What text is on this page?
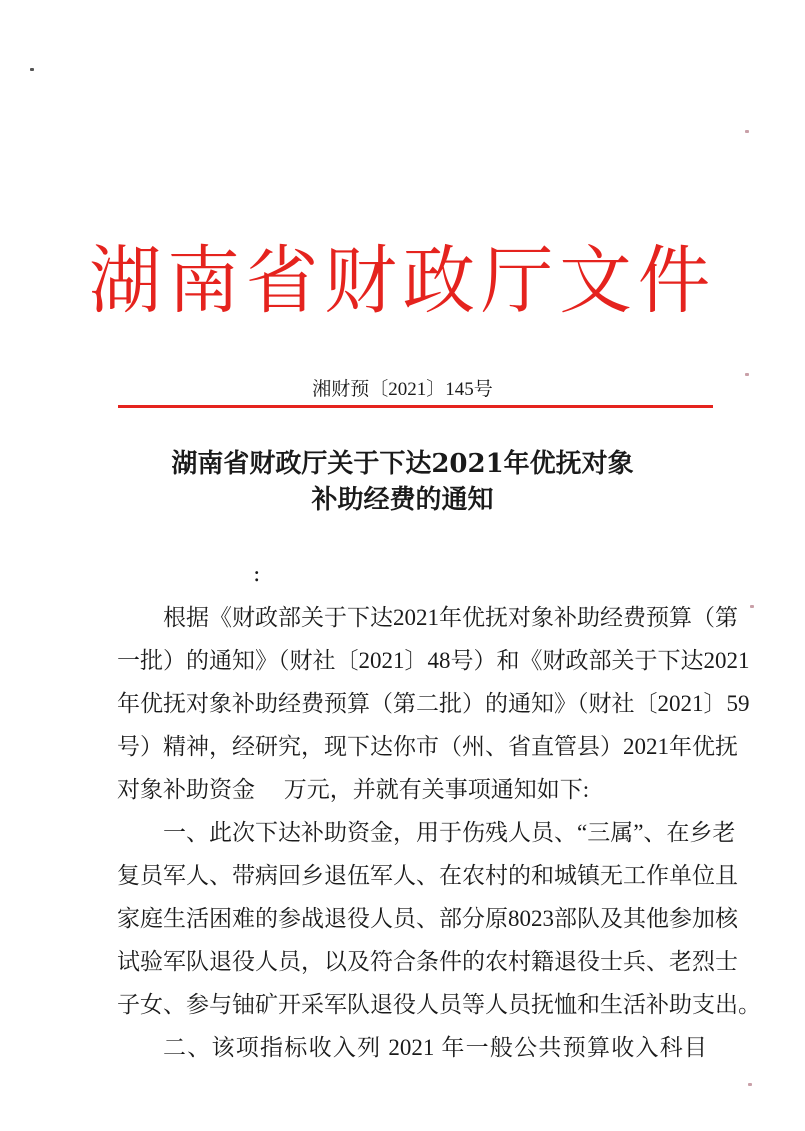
湖南省财政厅文件
湘财预〔2021〕145号
湖南省财政厅关于下达2021年优抚对象
补助经费的通知
:
根据《财政部关于下达2021年优抚对象补助经费预算（第
一批）的通知》（财社〔2021〕48号）和《财政部关于下达2021
年优抚对象补助经费预算（第二批）的通知》（财社〔2021〕59
号）精神，经研究，现下达你市（州、省直管县）2021年优抚
对象补助资金　 万元，并就有关事项通知如下:
一、此次下达补助资金，用于伤残人员、“三属”、在乡老
复员军人、带病回乡退伍军人、在农村的和城镇无工作单位且
家庭生活困难的参战退役人员、部分原8023部队及其他参加核
试验军队退役人员，以及符合条件的农村籍退役士兵、老烈士
子女、参与铀矿开采军队退役人员等人员抚恤和生活补助支出。
二、该项指标收入列 2021 年一般公共预算收入科目
